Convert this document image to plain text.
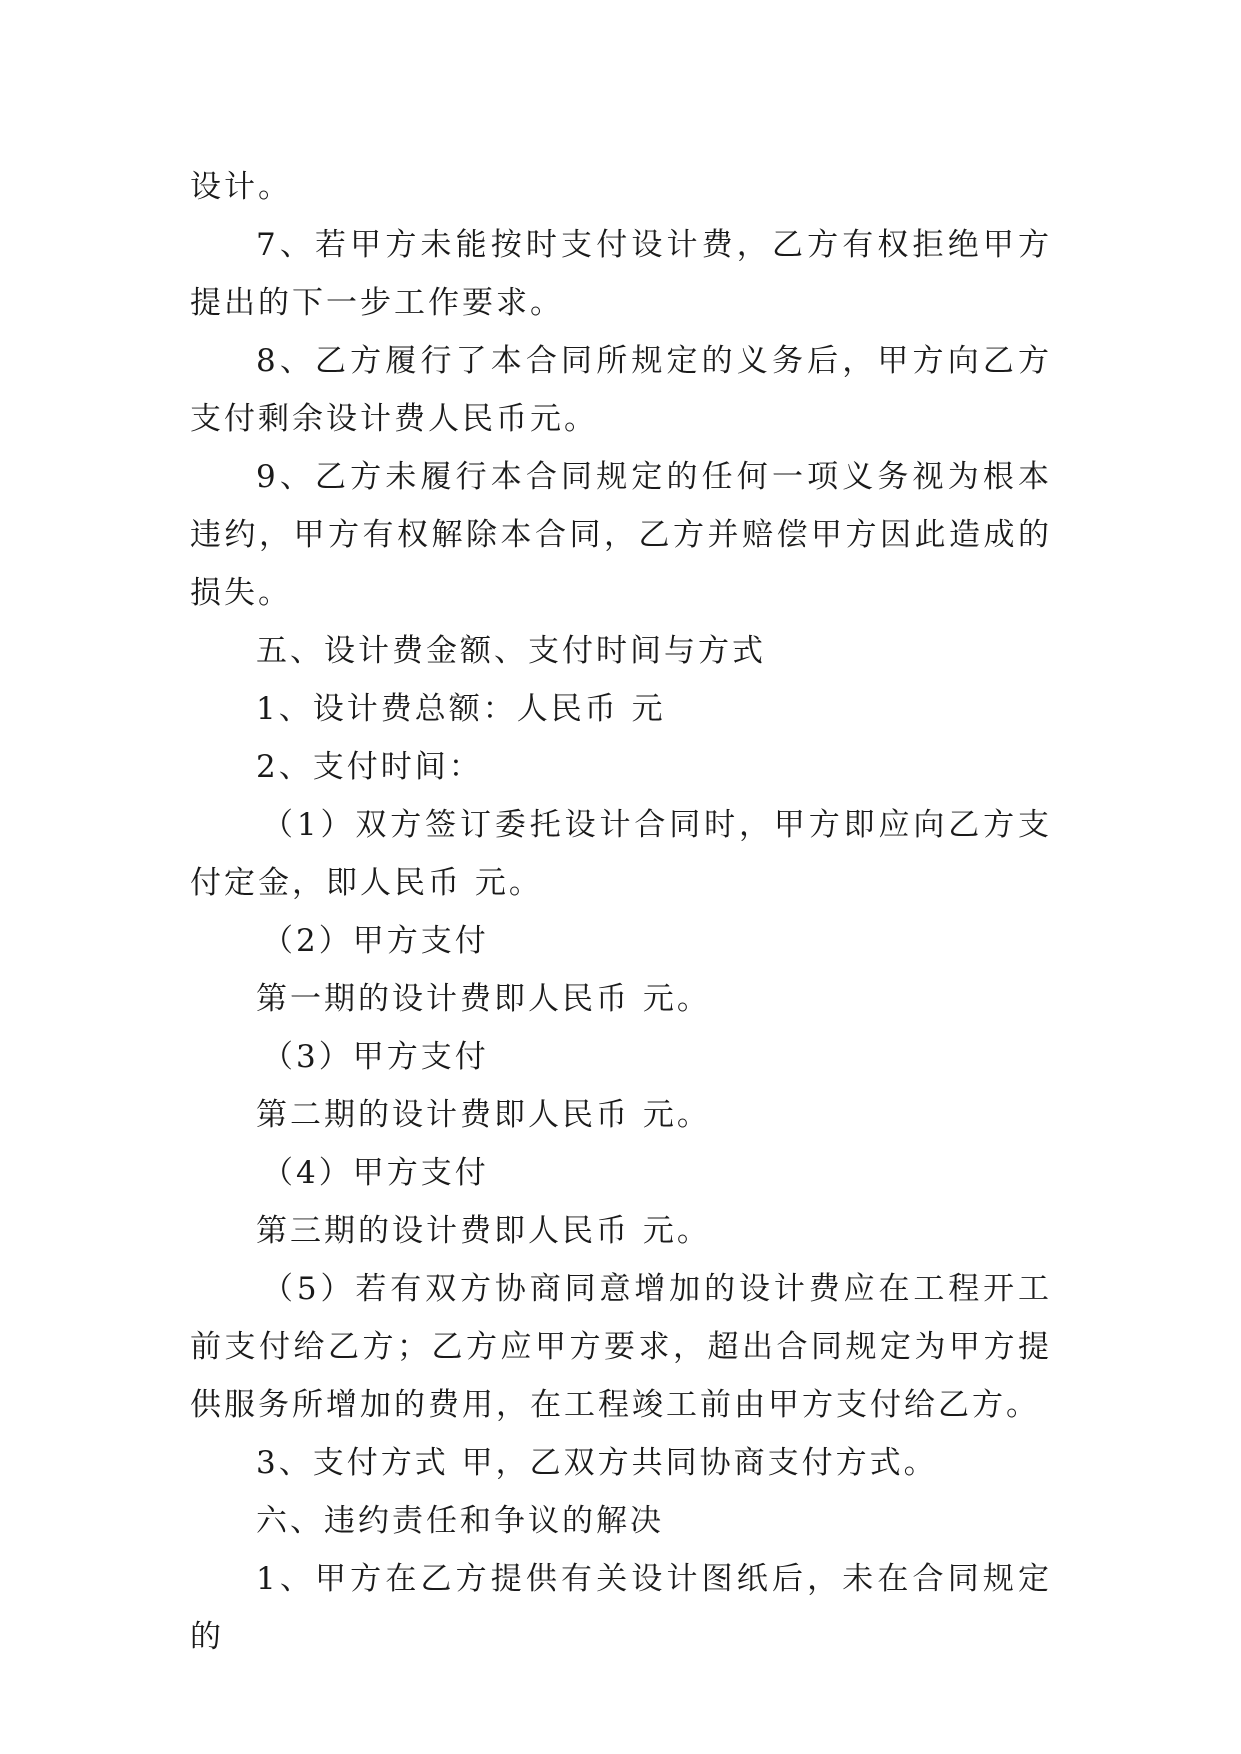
设计。

7、若甲方未能按时支付设计费，乙方有权拒绝甲方提出的下一步工作要求。

8、乙方履行了本合同所规定的义务后，甲方向乙方支付剩余设计费人民币元。

9、乙方未履行本合同规定的任何一项义务视为根本违约，甲方有权解除本合同，乙方并赔偿甲方因此造成的损失。

五、设计费金额、支付时间与方式

1、设计费总额：人民币 元

2、支付时间：

（1）双方签订委托设计合同时，甲方即应向乙方支付定金，即人民币 元。

（2）甲方支付

第一期的设计费即人民币 元。

（3）甲方支付

第二期的设计费即人民币 元。

（4）甲方支付

第三期的设计费即人民币 元。

（5）若有双方协商同意增加的设计费应在工程开工前支付给乙方；乙方应甲方要求，超出合同规定为甲方提供服务所增加的费用，在工程竣工前由甲方支付给乙方。

3、支付方式 甲，乙双方共同协商支付方式。

六、违约责任和争议的解决

1、甲方在乙方提供有关设计图纸后，未在合同规定的
